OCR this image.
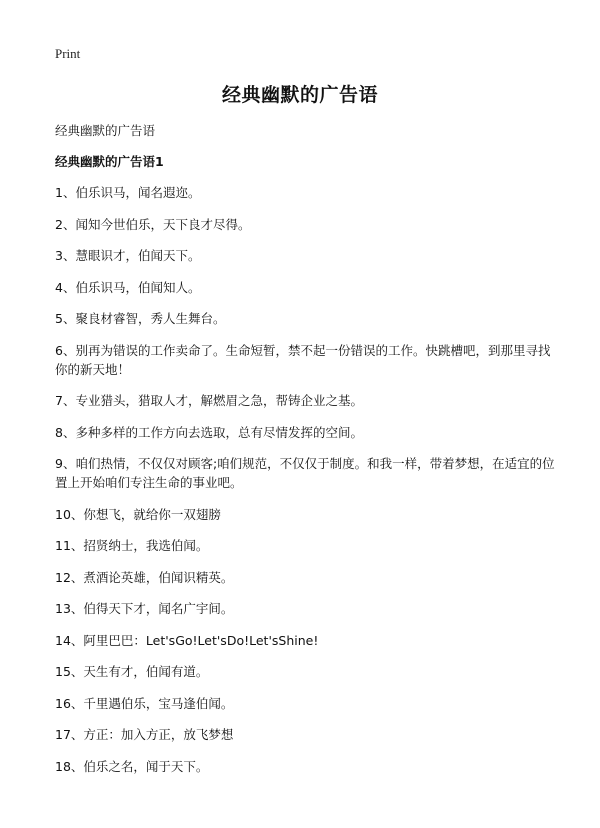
Print
经典幽默的广告语
经典幽默的广告语
经典幽默的广告语1
1、伯乐识马，闻名遐迩。
2、闻知今世伯乐，天下良才尽得。
3、慧眼识才，伯闻天下。
4、伯乐识马，伯闻知人。
5、聚良材睿智，秀人生舞台。
6、别再为错误的工作卖命了。生命短暂，禁不起一份错误的工作。快跳槽吧，到那里寻找你的新天地！
7、专业猎头，猎取人才，解燃眉之急，帮铸企业之基。
8、多种多样的工作方向去选取，总有尽情发挥的空间。
9、咱们热情，不仅仅对顾客;咱们规范，不仅仅于制度。和我一样，带着梦想，在适宜的位置上开始咱们专注生命的事业吧。
10、你想飞，就给你一双翅膀
11、招贤纳士，我选伯闻。
12、煮酒论英雄，伯闻识精英。
13、伯得天下才，闻名广宇间。
14、阿里巴巴：Let'sGo!Let'sDo!Let'sShine!
15、天生有才，伯闻有道。
16、千里遇伯乐，宝马逢伯闻。
17、方正：加入方正，放飞梦想
18、伯乐之名，闻于天下。
